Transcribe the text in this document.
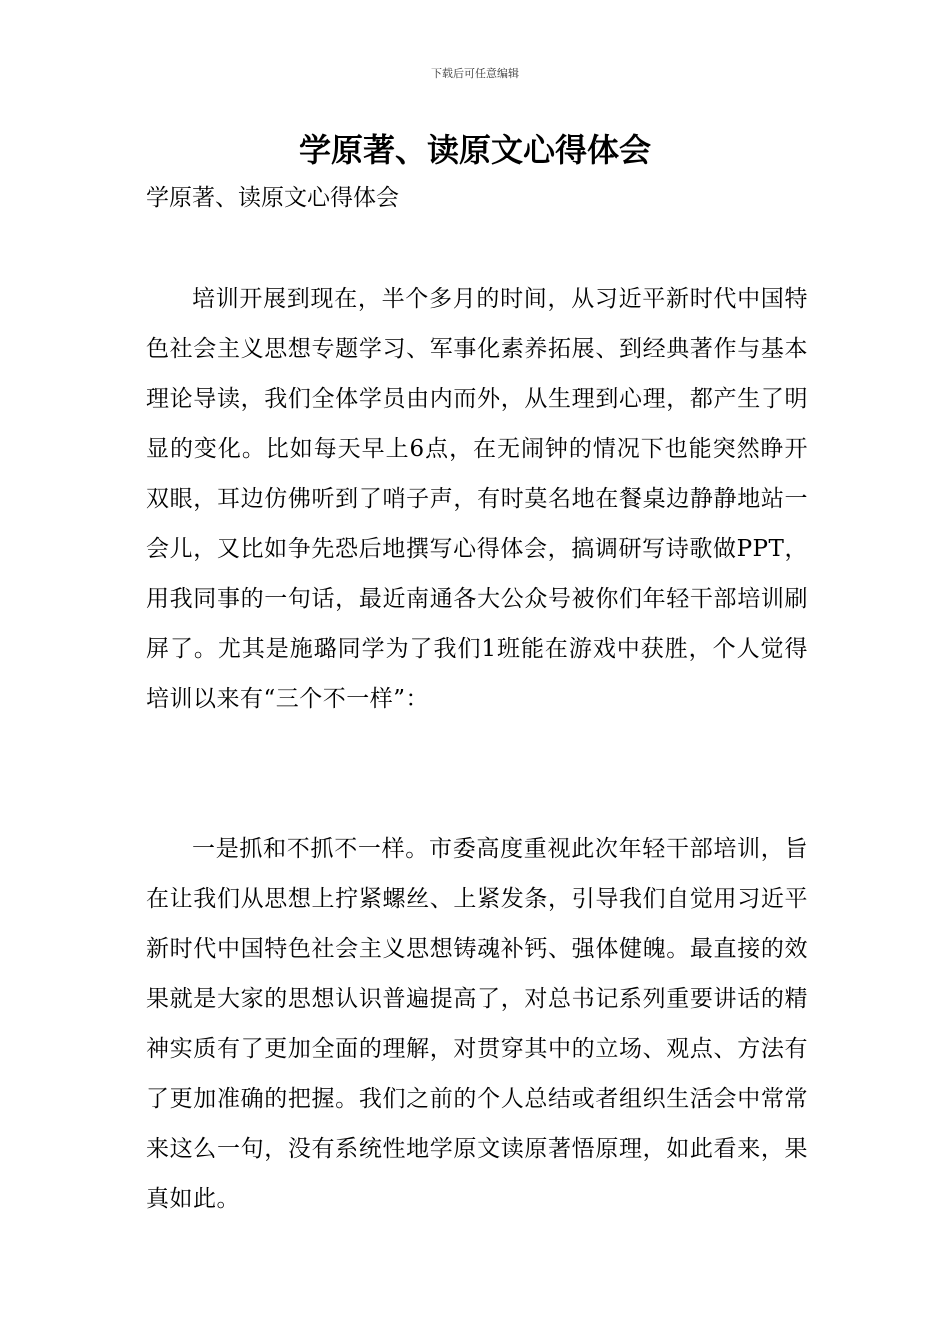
下载后可任意编辑
学原著、读原文心得体会

学原著、读原文心得体会

培训开展到现在，半个多月的时间，从习近平新时代中国特色社会主义思想专题学习、军事化素养拓展、到经典著作与基本理论导读，我们全体学员由内而外，从生理到心理，都产生了明显的变化。比如每天早上6点，在无闹钟的情况下也能突然睁开双眼，耳边仿佛听到了哨子声，有时莫名地在餐桌边静静地站一会儿，又比如争先恐后地撰写心得体会，搞调研写诗歌做PPT，用我同事的一句话，最近南通各大公众号被你们年轻干部培训刷屏了。尤其是施璐同学为了我们1班能在游戏中获胜，个人觉得培训以来有“三个不一样”：

一是抓和不抓不一样。市委高度重视此次年轻干部培训，旨在让我们从思想上拧紧螺丝、上紧发条，引导我们自觉用习近平新时代中国特色社会主义思想铸魂补钙、强体健魄。最直接的效果就是大家的思想认识普遍提高了，对总书记系列重要讲话的精神实质有了更加全面的理解，对贯穿其中的立场、观点、方法有了更加准确的把握。我们之前的个人总结或者组织生活会中常常来这么一句，没有系统性地学原文读原著悟原理，如此看来，果真如此。
